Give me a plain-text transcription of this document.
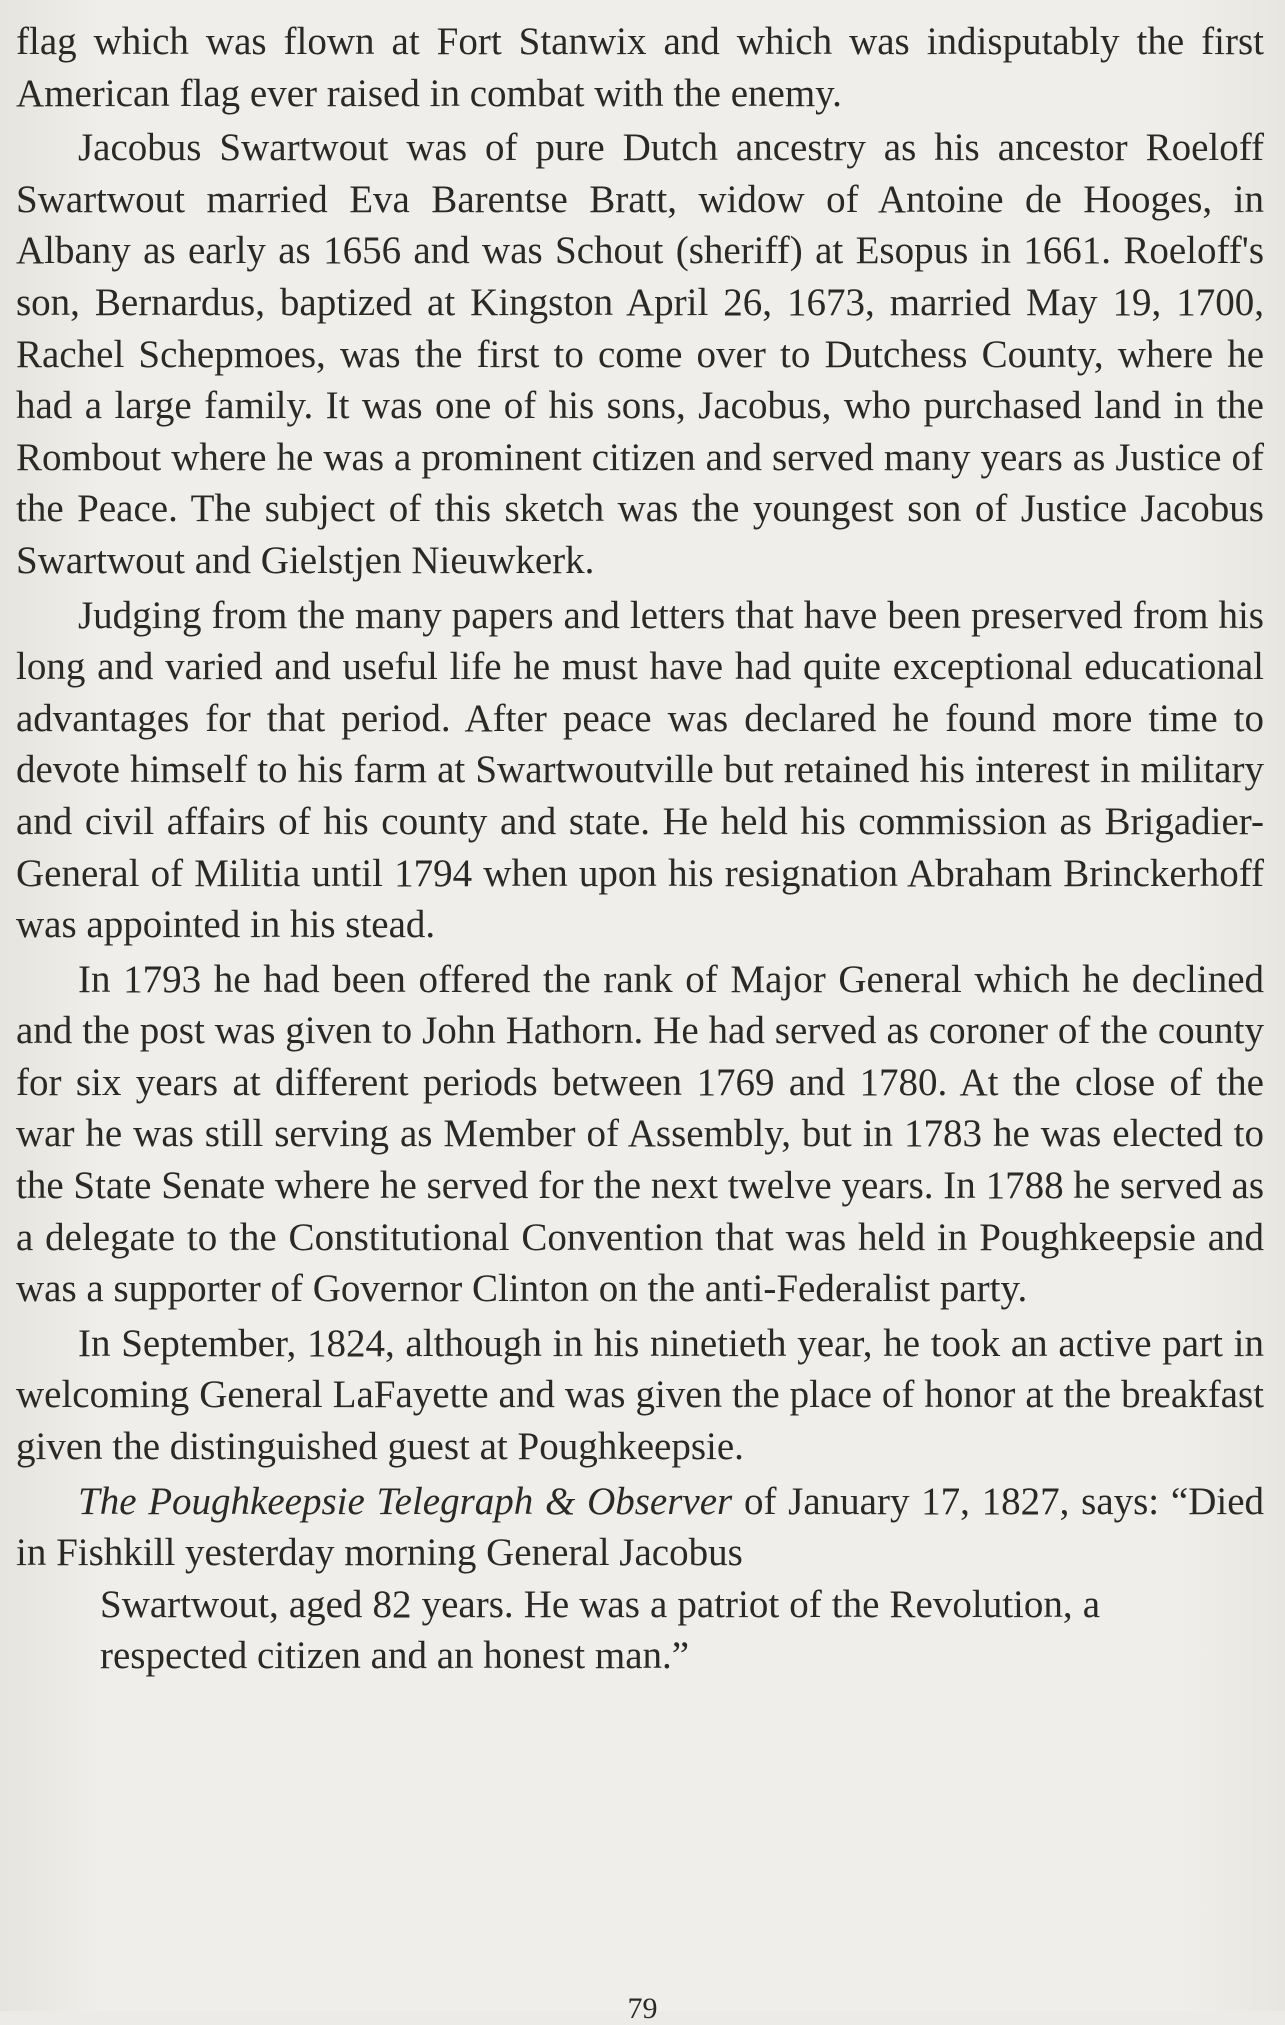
flag which was flown at Fort Stanwix and which was indisputably the first American flag ever raised in combat with the enemy.

Jacobus Swartwout was of pure Dutch ancestry as his ancestor Roeloff Swartwout married Eva Barentse Bratt, widow of Antoine de Hooges, in Albany as early as 1656 and was Schout (sheriff) at Esopus in 1661. Roeloff's son, Bernardus, baptized at Kingston April 26, 1673, married May 19, 1700, Rachel Schepmoes, was the first to come over to Dutchess County, where he had a large family. It was one of his sons, Jacobus, who purchased land in the Rombout where he was a prominent citizen and served many years as Justice of the Peace. The subject of this sketch was the youngest son of Justice Jacobus Swartwout and Gielstjen Nieuwkerk.

Judging from the many papers and letters that have been preserved from his long and varied and useful life he must have had quite exceptional educational advantages for that period. After peace was declared he found more time to devote himself to his farm at Swartwoutville but retained his interest in military and civil affairs of his county and state. He held his commission as Brigadier-General of Militia until 1794 when upon his resignation Abraham Brinckerhoff was appointed in his stead.

In 1793 he had been offered the rank of Major General which he declined and the post was given to John Hathorn. He had served as coroner of the county for six years at different periods between 1769 and 1780. At the close of the war he was still serving as Member of Assembly, but in 1783 he was elected to the State Senate where he served for the next twelve years. In 1788 he served as a delegate to the Constitutional Convention that was held in Poughkeepsie and was a supporter of Governor Clinton on the anti-Federalist party.

In September, 1824, although in his ninetieth year, he took an active part in welcoming General LaFayette and was given the place of honor at the breakfast given the distinguished guest at Poughkeepsie.

The Poughkeepsie Telegraph & Observer of January 17, 1827, says: “Died in Fishkill yesterday morning General Jacobus

Swartwout, aged 82 years. He was a patriot of the Revolution, a respected citizen and an honest man.”

79
